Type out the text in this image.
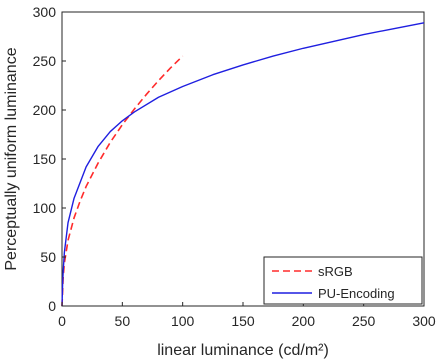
0	50	100	150	200	250	300
0
50
100
150
200
250
300
linear luminance (cd/m²)
Perceptually uniform luminance
sRGB
PU-Encoding
